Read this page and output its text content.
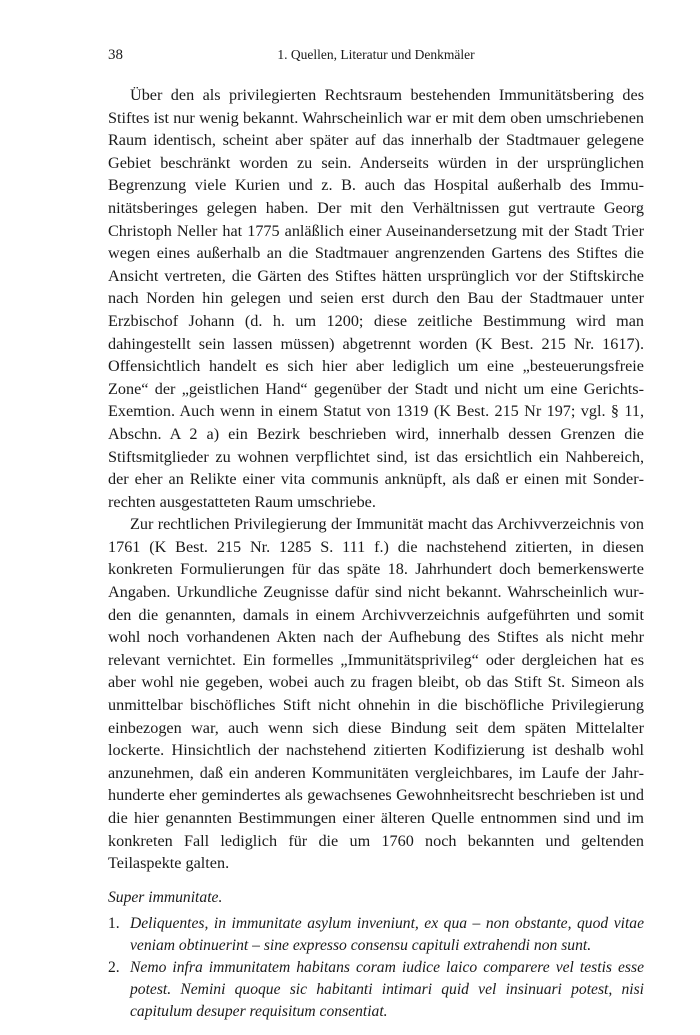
38	1. Quellen, Literatur und Denkmäler

Über den als privilegierten Rechtsraum bestehenden Immunitätsbering des Stiftes ist nur wenig bekannt. Wahrscheinlich war er mit dem oben umschriebenen Raum identisch, scheint aber später auf das innerhalb der Stadtmauer gelegene Gebiet beschränkt worden zu sein. Anderseits würden in der ursprünglichen Begrenzung viele Kurien und z. B. auch das Hospital außerhalb des Immunitätsberinges gelegen haben. Der mit den Verhältnissen gut vertraute Georg Christoph Neller hat 1775 anläßlich einer Auseinandersetzung mit der Stadt Trier wegen eines außerhalb an die Stadtmauer angrenzenden Gartens des Stiftes die Ansicht vertreten, die Gärten des Stiftes hätten ursprünglich vor der Stiftskirche nach Norden hin gelegen und seien erst durch den Bau der Stadtmauer unter Erzbischof Johann (d. h. um 1200; diese zeitliche Bestimmung wird man dahingestellt sein lassen müssen) abgetrennt worden (K Best. 215 Nr. 1617). Offensichtlich handelt es sich hier aber lediglich um eine „besteuerungsfreie Zone“ der „geistlichen Hand“ gegenüber der Stadt und nicht um eine GerichtsExemtion. Auch wenn in einem Statut von 1319 (K Best. 215 Nr 197; vgl. § 11, Abschn. A 2 a) ein Bezirk beschrieben wird, innerhalb dessen Grenzen die Stiftsmitglieder zu wohnen verpflichtet sind, ist das ersichtlich ein Nahbereich, der eher an Relikte einer vita communis anknüpft, als daß er einen mit Sonderrechten ausgestatteten Raum umschriebe.

Zur rechtlichen Privilegierung der Immunität macht das Archivverzeichnis von 1761 (K Best. 215 Nr. 1285 S. 111 f.) die nachstehend zitierten, in diesen konkreten Formulierungen für das späte 18. Jahrhundert doch bemerkenswerte Angaben. Urkundliche Zeugnisse dafür sind nicht bekannt. Wahrscheinlich wurden die genannten, damals in einem Archivverzeichnis aufgeführten und somit wohl noch vorhandenen Akten nach der Aufhebung des Stiftes als nicht mehr relevant vernichtet. Ein formelles „Immunitätsprivileg“ oder dergleichen hat es aber wohl nie gegeben, wobei auch zu fragen bleibt, ob das Stift St. Simeon als unmittelbar bischöfliches Stift nicht ohnehin in die bischöfliche Privilegierung einbezogen war, auch wenn sich diese Bindung seit dem späten Mittelalter lockerte. Hinsichtlich der nachstehend zitierten Kodifizierung ist deshalb wohl anzunehmen, daß ein anderen Kommunitäten vergleichbares, im Laufe der Jahrhunderte eher gemindertes als gewachsenes Gewohnheitsrecht beschrieben ist und die hier genannten Bestimmungen einer älteren Quelle entnommen sind und im konkreten Fall lediglich für die um 1760 noch bekannten und geltenden Teilaspekte galten.

Super immunitate.
1. Deliquentes, in immunitate asylum inveniunt, ex qua – non obstante, quod vitae veniam obtinuerint – sine expresso consensu capituli extrahendi non sunt.
2. Nemo infra immunitatem habitans coram iudice laico comparere vel testis esse potest. Nemini quoque sic habitanti intimari quid vel insinuari potest, nisi capitulum desuper requisitum consentiat.
